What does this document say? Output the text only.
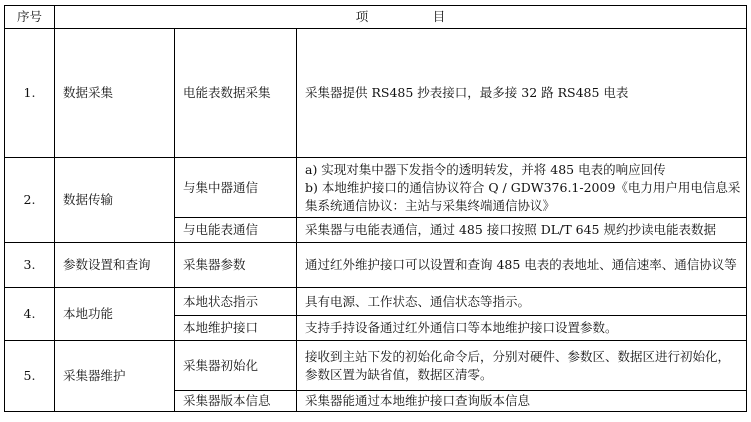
序号	项　目		
1.	数据采集	电能表数据采集	采集器提供 RS485 抄表接口，最多接 32 路 RS485 电表
2.	数据传输	与集中器通信	a) 实现对集中器下发指令的透明转发，并将 485 电表的响应回传
b) 本地维护接口的通信协议符合 Q / GDW376.1-2009《电力用户用电信息采集系统通信协议：主站与采集终端通信协议》

		与电能表通信	采集器与电能表通信，通过 485 接口按照 DL/T 645 规约抄读电能表数据
3.	参数设置和查询	采集器参数	通过红外维护接口可以设置和查询 485 电表的表地址、通信速率、通信协议等
4.	本地功能	本地状态指示	具有电源、工作状态、通信状态等指示。
		本地维护接口	支持手持设备通过红外通信口等本地维护接口设置参数。
5.	采集器维护	采集器初始化	接收到主站下发的初始化命令后，分别对硬件、参数区、数据区进行初始化，参数区置为缺省值，数据区清零。
		采集器版本信息	采集器能通过本地维护接口查询版本信息
